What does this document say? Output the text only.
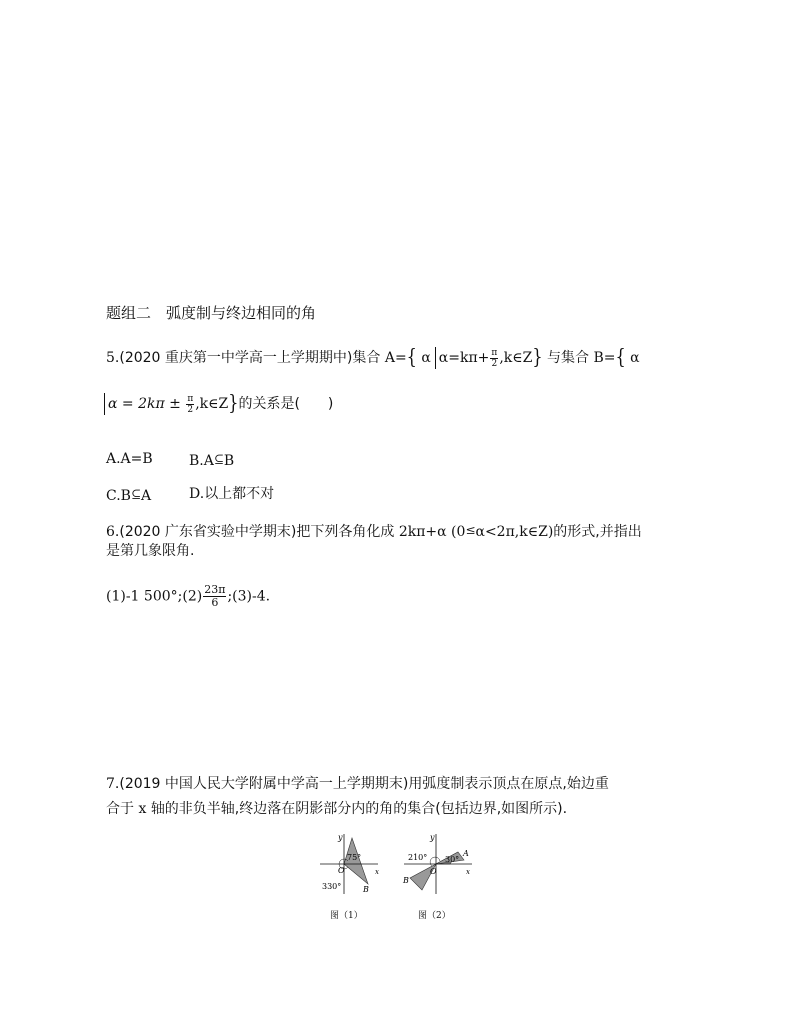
题组二　弧度制与终边相同的角
5.(2020 重庆第一中学高一上学期期中)集合 A={ α $\alpha=k\pi+ \frac{\pi}{2}$ ,k∈Z} 与集合 B={ α
$\alpha = 2k\pi \pm \frac{\pi}{2}$ ,k∈Z}的关系是(　　)
A.A=B	B.A⊆B
C.B⊆A	D.以上都不对
6.(2020 广东省实验中学期末)把下列各角化成 2kπ+α (0≤α<2π,k∈Z)的形式,并指出
是第几象限角.
(1)-1 500°;(2) $\frac{23\pi}{6}$ ;(3)-4.
7.(2019 中国人民大学附属中学高一上学期期末)用弧度制表示顶点在原点,始边重
合于 x 轴的非负半轴,终边落在阴影部分内的角的集合(包括边界,如图所示).
y
x
O
75°
330°	B
图（1）
y
x
O
210° 30°
A
B
图（2）
